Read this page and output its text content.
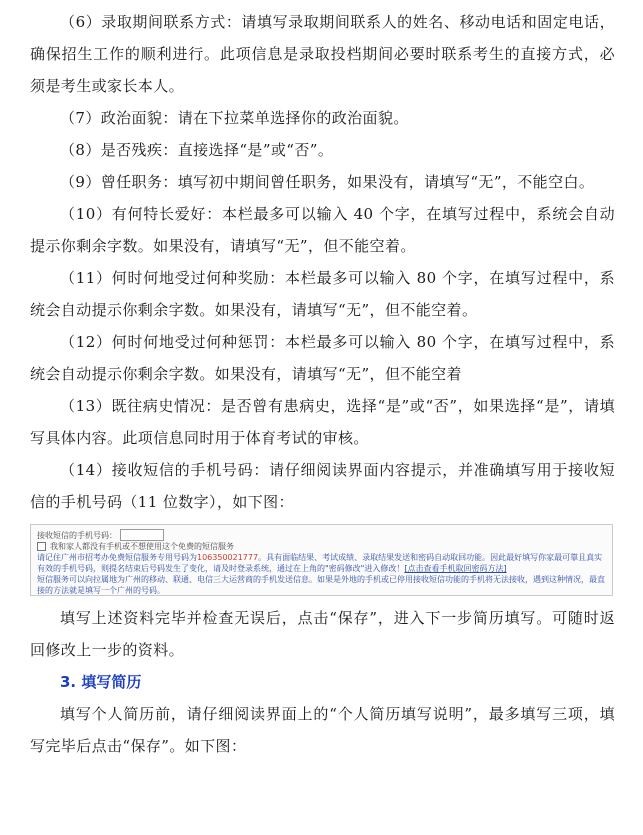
（6）录取期间联系方式：请填写录取期间联系人的姓名、移动电话和固定电话，确保招生工作的顺利进行。此项信息是录取投档期间必要时联系考生的直接方式，必须是考生或家长本人。

（7）政治面貌：请在下拉菜单选择你的政治面貌。

（8）是否残疾：直接选择“是”或“否”。

（9）曾任职务：填写初中期间曾任职务，如果没有，请填写“无”，不能空白。

（10）有何特长爱好：本栏最多可以输入 40 个字，在填写过程中，系统会自动提示你剩余字数。如果没有，请填写“无”，但不能空着。

（11）何时何地受过何种奖励：本栏最多可以输入 80 个字，在填写过程中，系统会自动提示你剩余字数。如果没有，请填写“无”，但不能空着。

（12）何时何地受过何种惩罚：本栏最多可以输入 80 个字，在填写过程中，系统会自动提示你剩余字数。如果没有，请填写“无”，但不能空着

（13）既往病史情况：是否曾有患病史，选择“是”或“否”，如果选择“是”，请填写具体内容。此项信息同时用于体育考试的审核。

（14）接收短信的手机号码：请仔细阅读界面内容提示，并准确填写用于接收短信的手机号码（11 位数字），如下图：

接收短信的手机号码：
我和家人都没有手机或不想使用这个免费的短信服务
请记住广州市招考办免费短信服务专用号码为106350021777。具有面临结果、考试成绩、录取结果发送和密码自动取回功能。因此最好填写你家最可靠且真实有效的手机号码，则提名结束后号码发生了变化，请及时登录系统，通过在上角的"密码修改"进入修改！[点击查看手机取回密码方法]
短信服务可以向拉属地为广州的移动、联通、电信三大运营商的手机发送信息。如果是外地的手机或已停用接收短信功能的手机将无法接收，遇到这种情况，最直接的方法就是填写一个广州的号码。

填写上述资料完毕并检查无误后，点击“保存”，进入下一步简历填写。可随时返回修改上一步的资料。

3. 填写简历

填写个人简历前，请仔细阅读界面上的“个人简历填写说明”，最多填写三项，填写完毕后点击“保存”。如下图：
